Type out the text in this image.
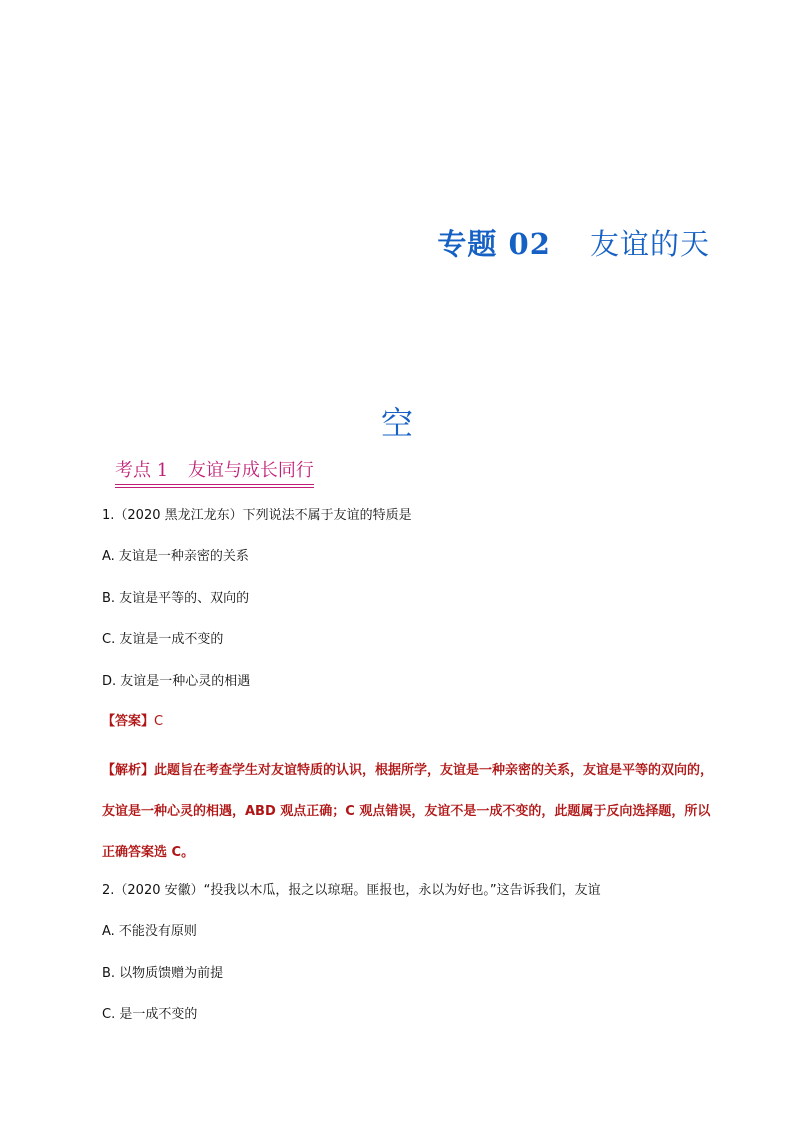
专题 02 友谊的天
空
考点 1 友谊与成长同行
1.（2020 黑龙江龙东）下列说法不属于友谊的特质是
A. 友谊是一种亲密的关系
B. 友谊是平等的、双向的
C. 友谊是一成不变的
D. 友谊是一种心灵的相遇
【答案】C
【解析】此题旨在考查学生对友谊特质的认识，根据所学，友谊是一种亲密的关系，友谊是平等的双向的，友谊是一种心灵的相遇，ABD 观点正确；C 观点错误，友谊不是一成不变的，此题属于反向选择题，所以正确答案选 C。
2.（2020 安徽）“投我以木瓜，报之以琼琚。匪报也，永以为好也。”这告诉我们，友谊
A. 不能没有原则
B. 以物质馈赠为前提
C. 是一成不变的
